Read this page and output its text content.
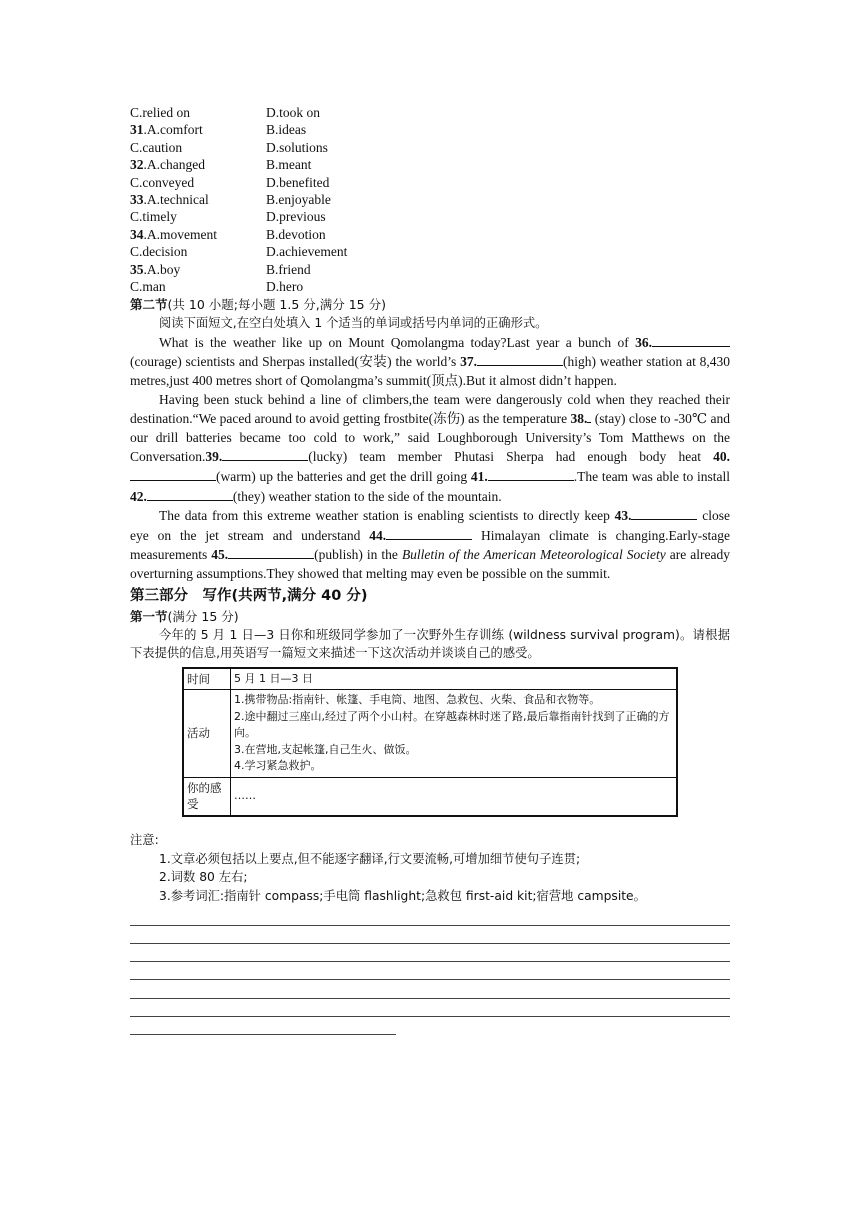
C.relied on	D.took on
31.A.comfort	B.ideas
C.caution	D.solutions
32.A.changed	B.meant
C.conveyed	D.benefited
33.A.technical	B.enjoyable
C.timely	D.previous
34.A.movement	B.devotion
C.decision	D.achievement
35.A.boy	B.friend
C.man	D.hero
第二节(共 10 小题;每小题 1.5 分,满分 15 分)

阅读下面短文,在空白处填入 1 个适当的单词或括号内单词的正确形式。

What is the weather like up on Mount Qomolangma today?Last year a bunch of 36. (courage) scientists and Sherpas installed(安装) the world’s 37.	(high) weather station at 8,430 metres,just 400 metres short of Qomolangma’s summit(顶点).But it almost didn’t happen.

Having been stuck behind a line of climbers,the team were dangerously cold when they reached their destination.“We paced around to avoid getting frostbite(冻伤) as the temperature 38. (stay) close to -30℃ and our drill batteries became too cold to work,” said Loughborough University’s Tom Matthews on the Conversation.39.	(lucky) team member Phutasi Sherpa had enough body heat 40.(warm) up the batteries and get the drill going 41.	.The team was able to install 42.	(they) weather station to the side of the mountain.

The data from this extreme weather station is enabling scientists to directly keep 43.	close eye on the jet stream and understand 44.	Himalayan climate is changing.Early-stage measurements 45.	(publish) in the Bulletin of the American Meteorological Society are already overturning assumptions.They showed that melting may even be possible on the summit.

第三部分　写作(共两节,满分 40 分)
第一节(满分 15 分)

今年的 5 月 1 日—3 日你和班级同学参加了一次野外生存训练 (wildness survival program)。请根据下表提供的信息,用英语写一篇短文来描述一下这次活动并谈谈自己的感受。

时间	5 月 1 日—3 日
活动	1.携带物品:指南针、帐篷、手电筒、地图、急救包、火柴、食品和衣物等。
2.途中翻过三座山,经过了两个小山村。在穿越森林时迷了路,最后靠指南针找到了正确的方向。
3.在营地,支起帐篷,自己生火、做饭。
4.学习紧急救护。

你的感受	……
注意:

1.文章必须包括以上要点,但不能逐字翻译,行文要流畅,可增加细节使句子连贯;

2.词数 80 左右;

3.参考词汇:指南针 compass;手电筒 flashlight;急救包 first-aid kit;宿营地 campsite。
